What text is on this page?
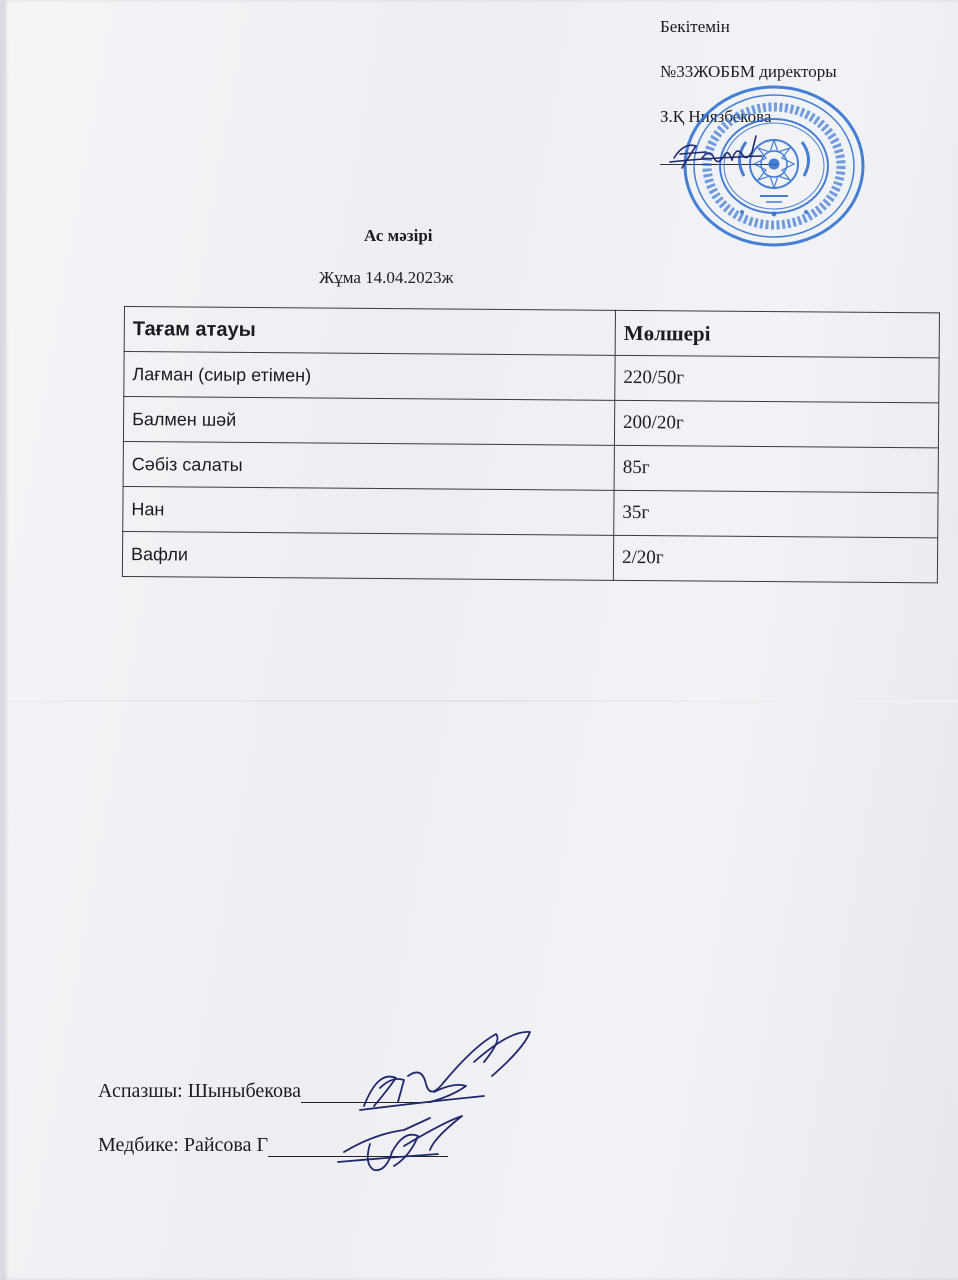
Бекітемін
№33ЖОББМ директоры
З.Қ Ниязбекова
Ас мәзірі
Жұма 14.04.2023ж
Тағам атауы	Мөлшері
Лағман (сиыр етімен)	220/50г
Балмен шәй	200/20г
Сәбіз салаты	85г
Нан	35г
Вафли	2/20г
Аспазшы: Шыныбекова
Медбике: Райсова Г
